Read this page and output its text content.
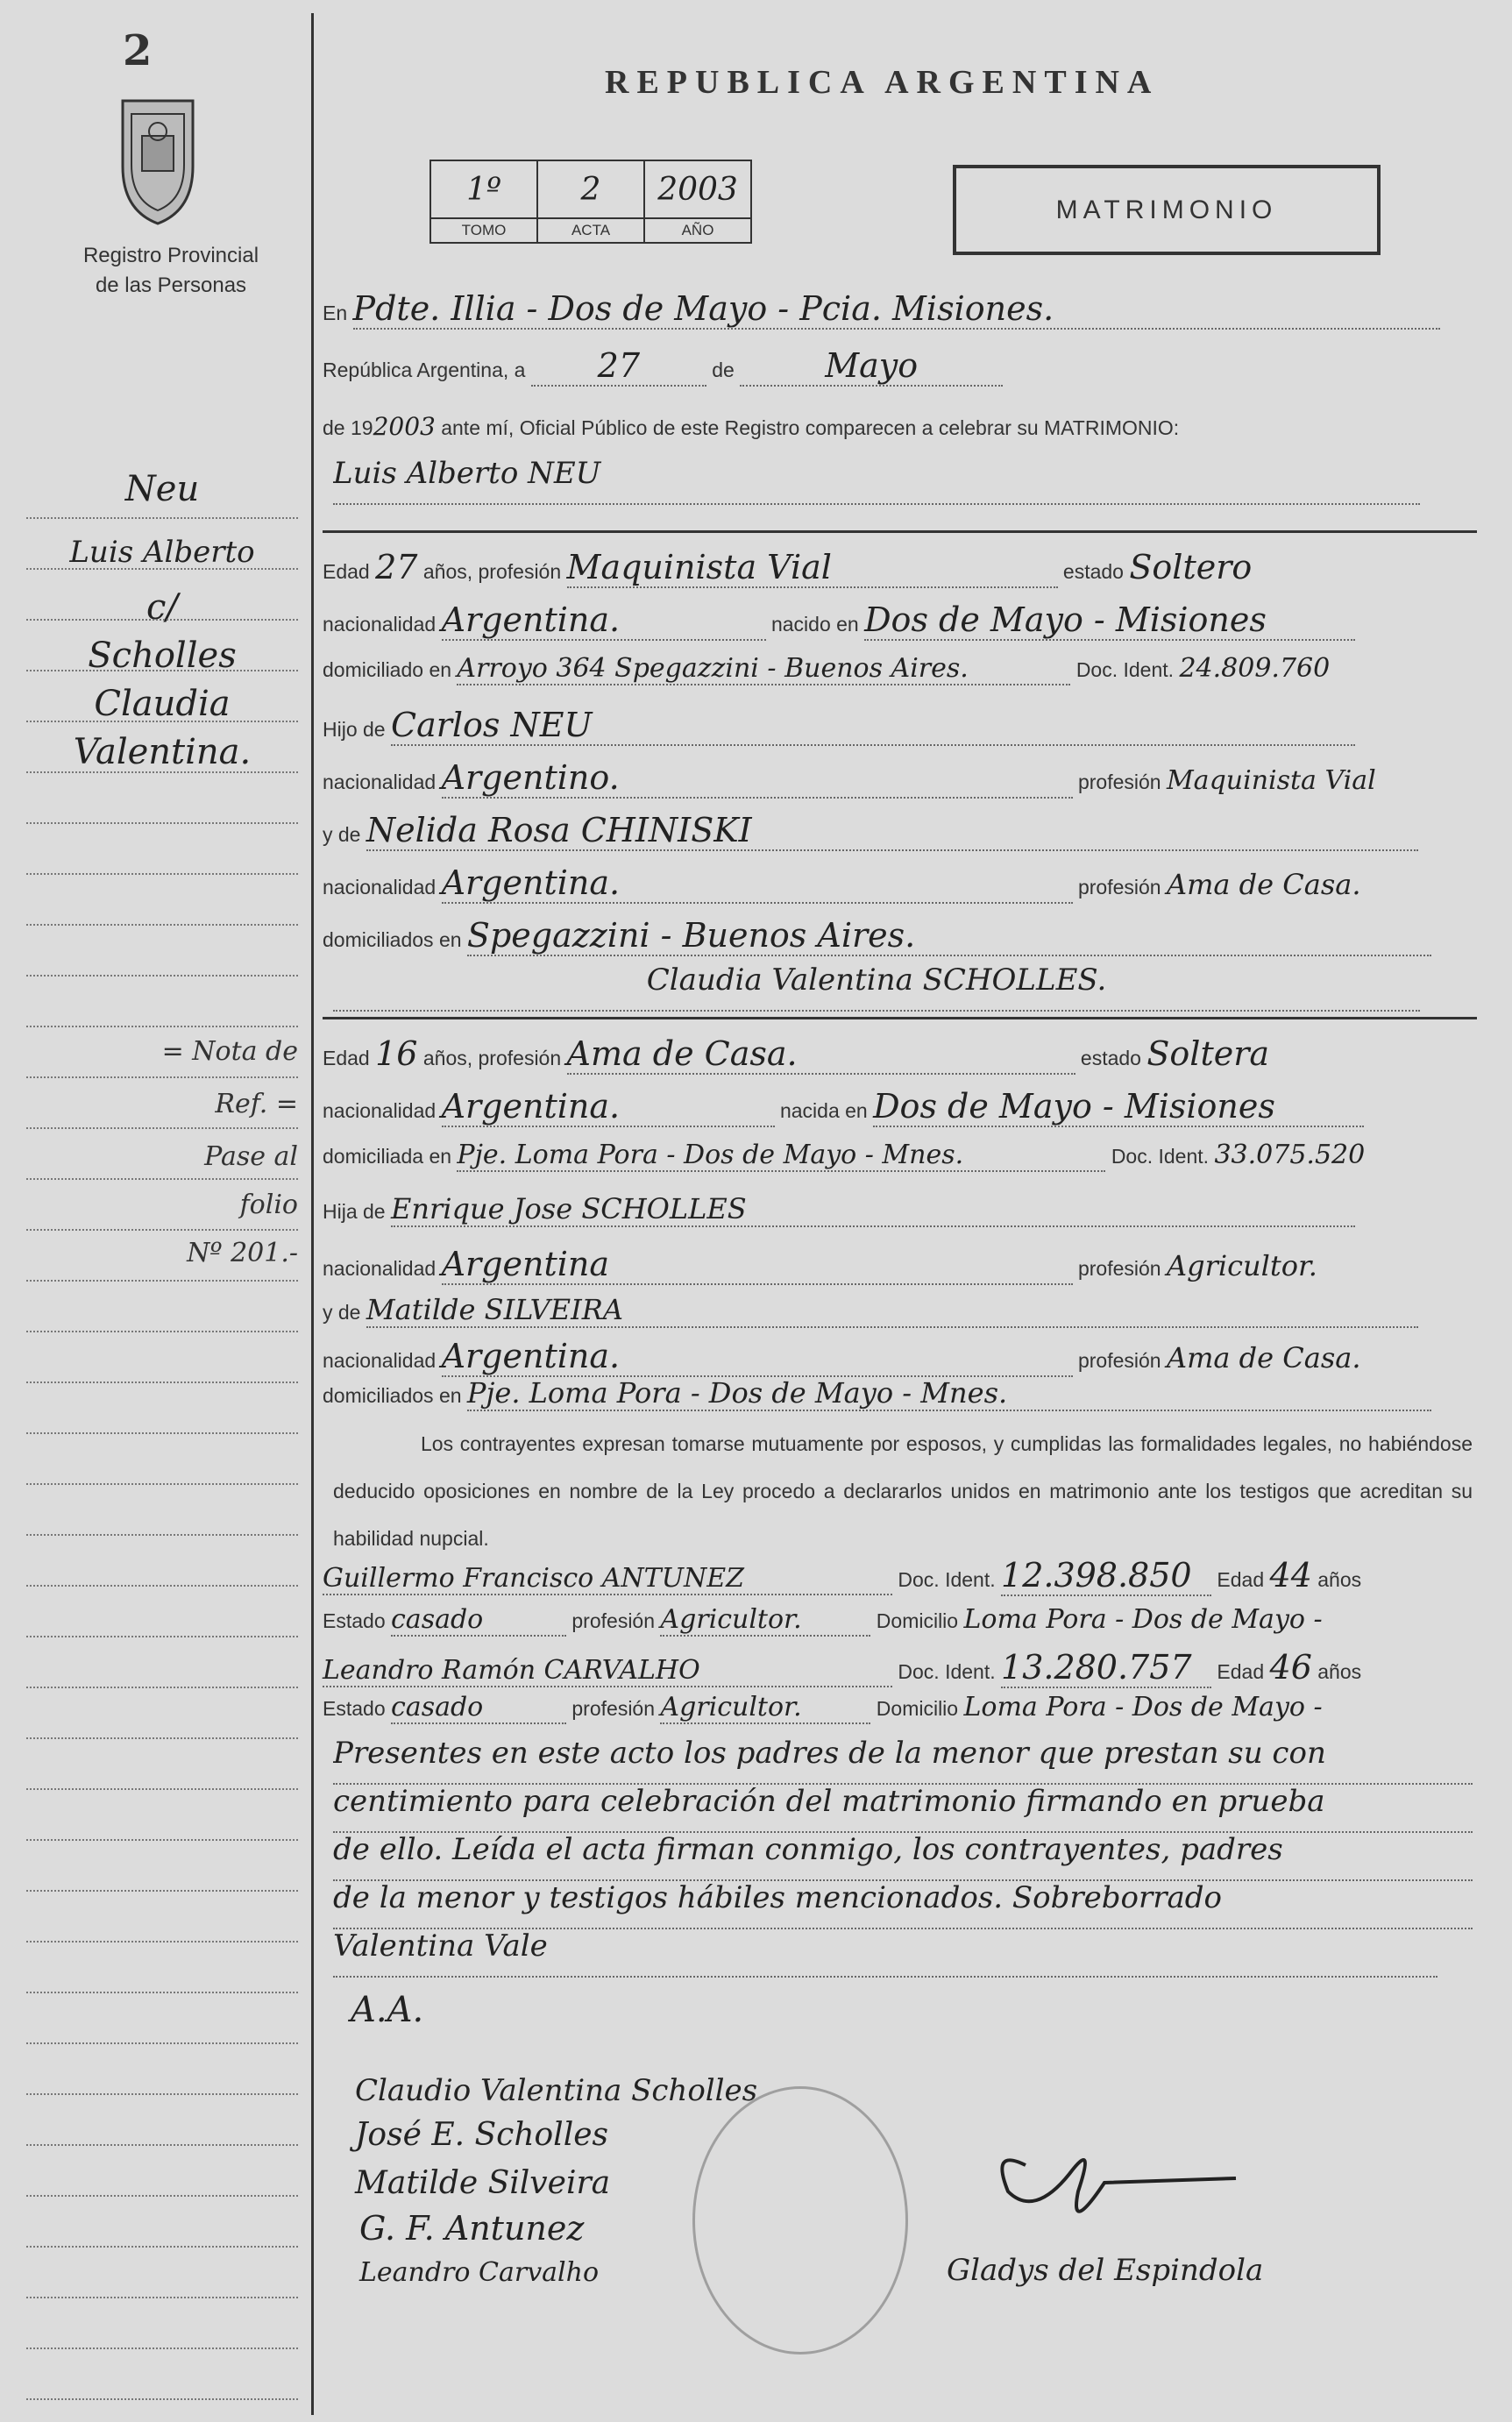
2
Registro Provincial
de las Personas
REPUBLICA ARGENTINA
1º	2	2003
TOMO	ACTA	AÑO
MATRIMONIO
En Pdte. Illia - Dos de Mayo - Pcia. Misiones.
República Argentina, a 27	de	Mayo
de 192003 ante mí, Oficial Público de este Registro comparecen a celebrar su MATRIMONIO:
Luis Alberto NEU
Edad 27 años, profesión Maquinista Vial	estado Soltero
nacionalidad Argentina.	nacido en Dos de Mayo - Misiones
domiciliado en Arroyo 364 Spegazzini - Buenos Aires.	Doc. Ident. 24.809.760
Hijo de Carlos NEU
nacionalidad Argentino.	profesión Maquinista Vial
y de Nelida Rosa CHINISKI
nacionalidad Argentina.	profesión Ama de Casa.
domiciliados en Spegazzini - Buenos Aires.
Claudia Valentina SCHOLLES.
Edad 16 años, profesión Ama de Casa.	estado Soltera
nacionalidad Argentina.	nacida en Dos de Mayo - Misiones
domiciliada en Pje. Loma Pora - Dos de Mayo - Mnes.	Doc. Ident. 33.075.520
Hija de Enrique Jose SCHOLLES
nacionalidad Argentina	profesión Agricultor.
y de Matilde SILVEIRA
nacionalidad Argentina.	profesión Ama de Casa.
domiciliados en Pje. Loma Pora - Dos de Mayo - Mnes.
Los contrayentes expresan tomarse mutuamente por esposos, y cumplidas las formalidades legales, no habiéndose deducido oposiciones en nombre de la Ley procedo a declararlos unidos en matrimonio ante los testigos que acreditan su habilidad nupcial.
Guillermo Francisco ANTUNEZ	Doc. Ident. 12.398.850 Edad 44 años
Estado casado	profesión Agricultor.	Domicilio Loma Pora - Dos de Mayo -
Leandro Ramón CARVALHO	Doc. Ident. 13.280.757 Edad 46 años
Estado casado	profesión Agricultor.	Domicilio Loma Pora - Dos de Mayo -
Presentes en este acto los padres de la menor que prestan su con
centimiento para celebración del matrimonio firmando en prueba
de ello. Leída el acta firman conmigo, los contrayentes, padres
de la menor y testigos hábiles mencionados. Sobreborrado
Valentina Vale
A.A.
Claudio Valentina Scholles
José E. Scholles
Matilde Silveira
G. F. Antunez
Leandro Carvalho	Gladys del Espindola
Neu
Luis Alberto
c/
Scholles
Claudia
Valentina.
= Nota de
Ref. =
Pase al
folio
Nº 201.-
